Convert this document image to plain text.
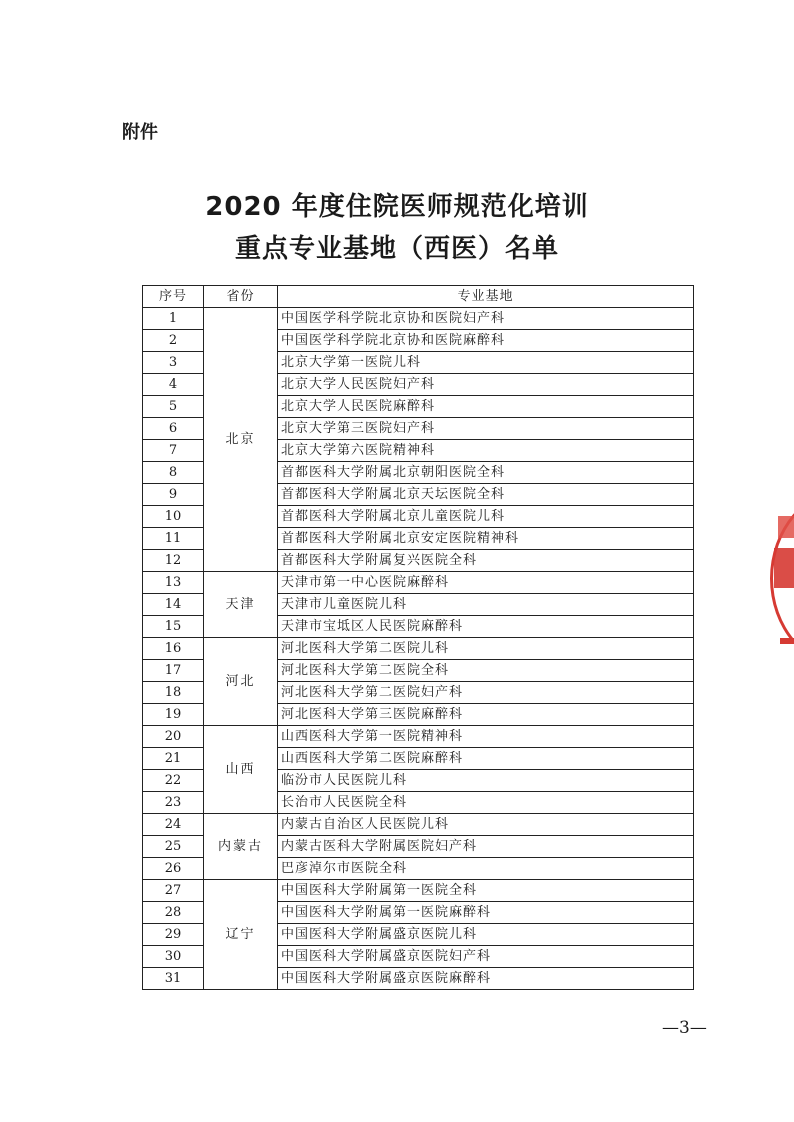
附件
2020 年度住院医师规范化培训
重点专业基地（西医）名单
序号	省份	专业基地
1	北京	中国医学科学院北京协和医院妇产科
2		中国医学科学院北京协和医院麻醉科
3		北京大学第一医院儿科
4		北京大学人民医院妇产科
5		北京大学人民医院麻醉科
6		北京大学第三医院妇产科
7		北京大学第六医院精神科
8		首都医科大学附属北京朝阳医院全科
9		首都医科大学附属北京天坛医院全科
10		首都医科大学附属北京儿童医院儿科
11		首都医科大学附属北京安定医院精神科
12		首都医科大学附属复兴医院全科
13	天津	天津市第一中心医院麻醉科
14		天津市儿童医院儿科
15		天津市宝坻区人民医院麻醉科
16	河北	河北医科大学第二医院儿科
17		河北医科大学第二医院全科
18		河北医科大学第二医院妇产科
19		河北医科大学第三医院麻醉科
20	山西	山西医科大学第一医院精神科
21		山西医科大学第二医院麻醉科
22		临汾市人民医院儿科
23		长治市人民医院全科
24	内蒙古	内蒙古自治区人民医院儿科
25		内蒙古医科大学附属医院妇产科
26		巴彦淖尔市医院全科
27	辽宁	中国医科大学附属第一医院全科
28		中国医科大学附属第一医院麻醉科
29		中国医科大学附属盛京医院儿科
30		中国医科大学附属盛京医院妇产科
31		中国医科大学附属盛京医院麻醉科
—3—
